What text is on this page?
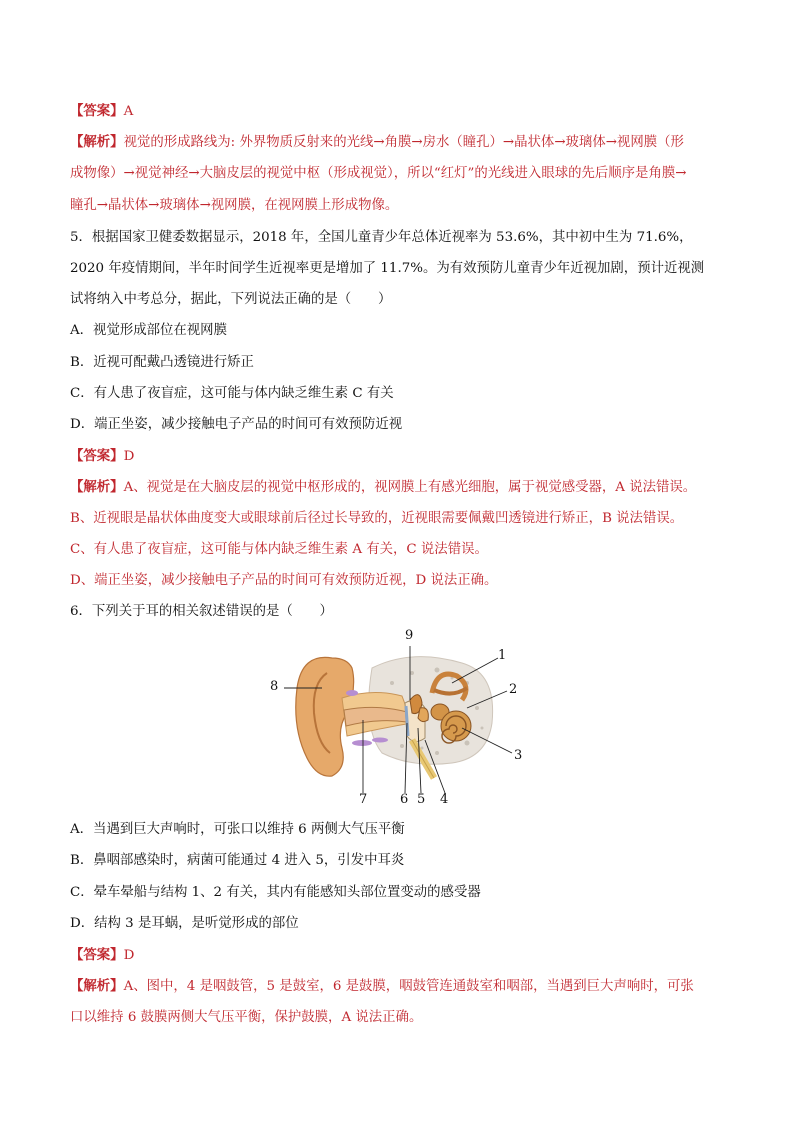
【答案】A
【解析】视觉的形成路线为: 外界物质反射来的光线→角膜→房水（瞳孔）→晶状体→玻璃体→视网膜（形
成物像）→视觉神经→大脑皮层的视觉中枢（形成视觉），所以“红灯”的光线进入眼球的先后顺序是角膜→
瞳孔→晶状体→玻璃体→视网膜，在视网膜上形成物像。
5．根据国家卫健委数据显示，2018 年，全国儿童青少年总体近视率为 53.6%，其中初中生为 71.6%，
2020 年疫情期间，半年时间学生近视率更是增加了 11.7%。为有效预防儿童青少年近视加剧，预计近视测
试将纳入中考总分，据此，下列说法正确的是（　　）
A．视觉形成部位在视网膜
B．近视可配戴凸透镜进行矫正
C．有人患了夜盲症，这可能与体内缺乏维生素 C 有关
D．端正坐姿，减少接触电子产品的时间可有效预防近视
【答案】D
【解析】A、视觉是在大脑皮层的视觉中枢形成的，视网膜上有感光细胞，属于视觉感受器，A 说法错误。
B、近视眼是晶状体曲度变大或眼球前后径过长导致的，近视眼需要佩戴凹透镜进行矫正，B 说法错误。
C、有人患了夜盲症，这可能与体内缺乏维生素 A 有关，C 说法错误。
D、端正坐姿，减少接触电子产品的时间可有效预防近视，D 说法正确。
6．下列关于耳的相关叙述错误的是（　　）
9
1
2
3
8
7	6 5 4
A．当遇到巨大声响时，可张口以维持 6 两侧大气压平衡
B．鼻咽部感染时，病菌可能通过 4 进入 5，引发中耳炎
C．晕车晕船与结构 1、2 有关，其内有能感知头部位置变动的感受器
D．结构 3 是耳蜗，是听觉形成的部位
【答案】D
【解析】A、图中，4 是咽鼓管，5 是鼓室，6 是鼓膜，咽鼓管连通鼓室和咽部，当遇到巨大声响时，可张
口以维持 6 鼓膜两侧大气压平衡，保护鼓膜，A 说法正确。
